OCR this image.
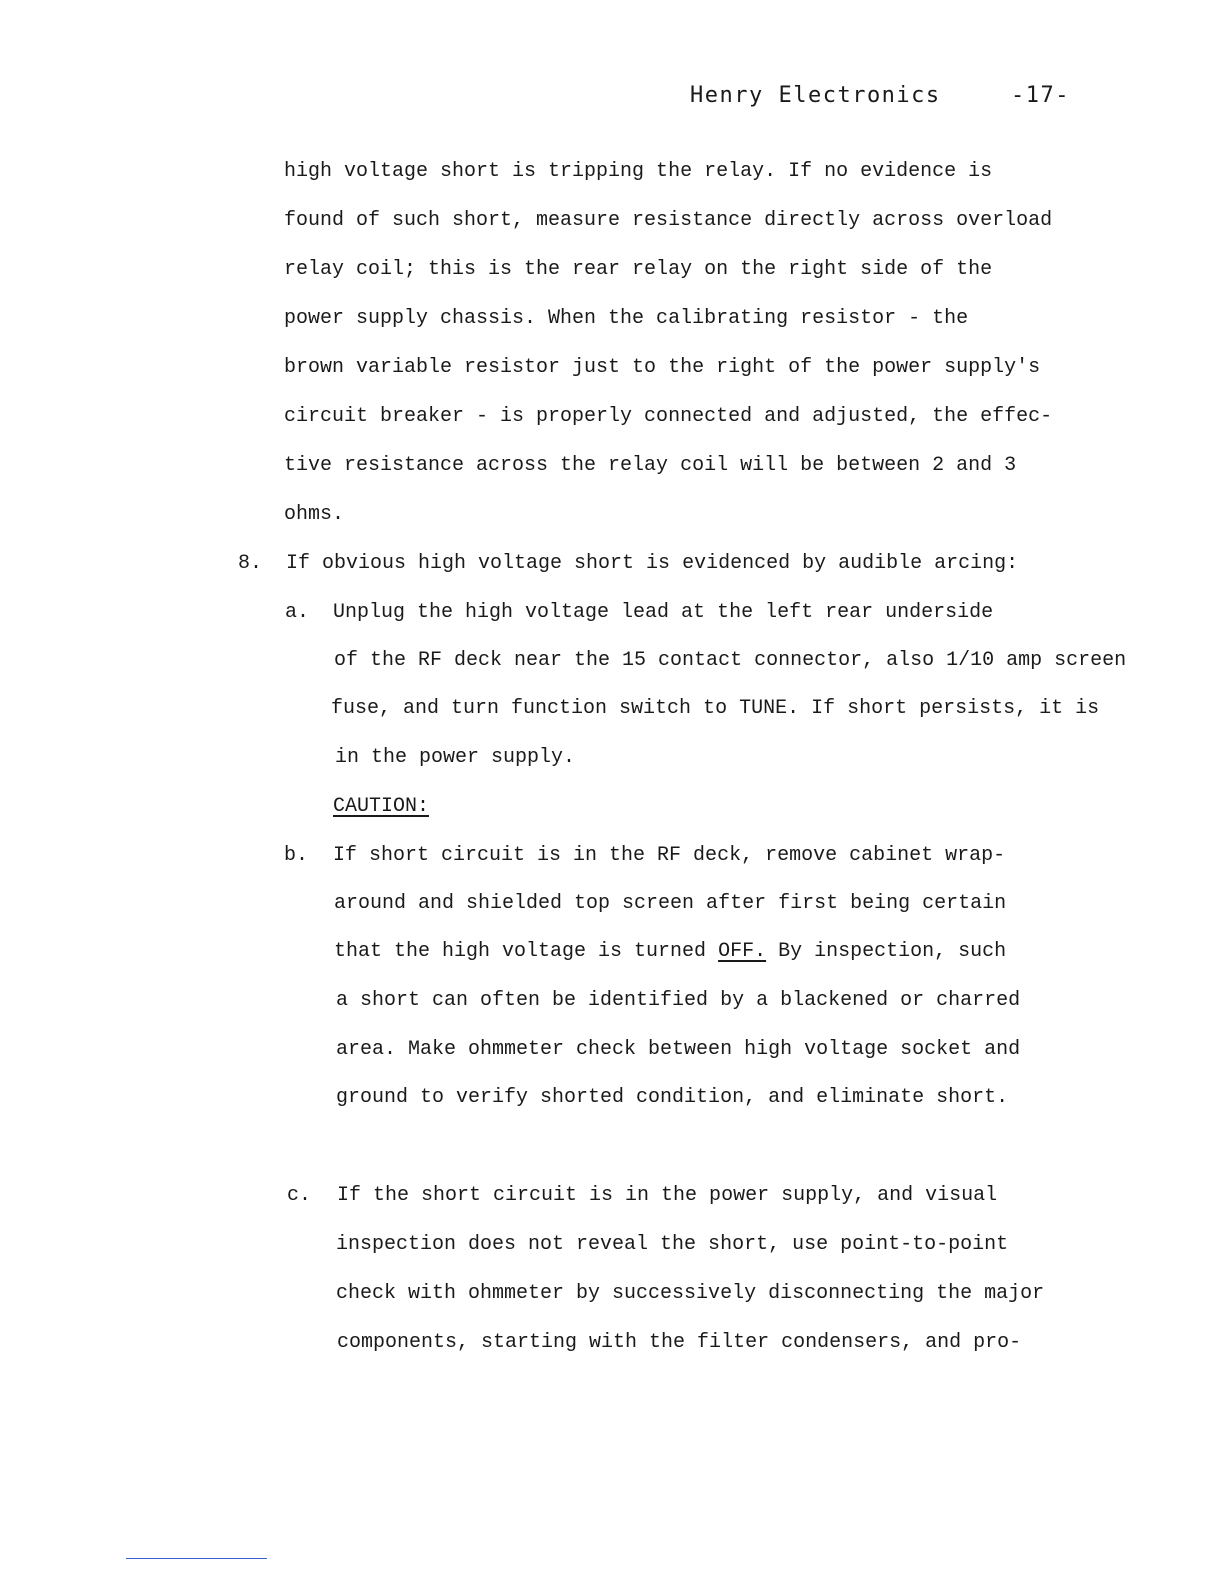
Henry Electronics	-17-
high voltage short is tripping the relay. If no evidence is
found of such short, measure resistance directly across overload
relay coil; this is the rear relay on the right side of the
power supply chassis. When the calibrating resistor - the
brown variable resistor just to the right of the power supply's
circuit breaker - is properly connected and adjusted, the effec-
tive resistance across the relay coil will be between 2 and 3
ohms.
8. If obvious high voltage short is evidenced by audible arcing:
a. Unplug the high voltage lead at the left rear underside
of the RF deck near the 15 contact connector, also 1/10 amp screen
fuse, and turn function switch to TUNE. If short persists, it is
in the power supply.
CAUTION:
b. If short circuit is in the RF deck, remove cabinet wrap-
around and shielded top screen after first being certain
that the high voltage is turned OFF. By inspection, such
a short can often be identified by a blackened or charred
area. Make ohmmeter check between high voltage socket and
ground to verify shorted condition, and eliminate short.
c. If the short circuit is in the power supply, and visual
inspection does not reveal the short, use point-to-point
check with ohmmeter by successively disconnecting the major
components, starting with the filter condensers, and pro-
